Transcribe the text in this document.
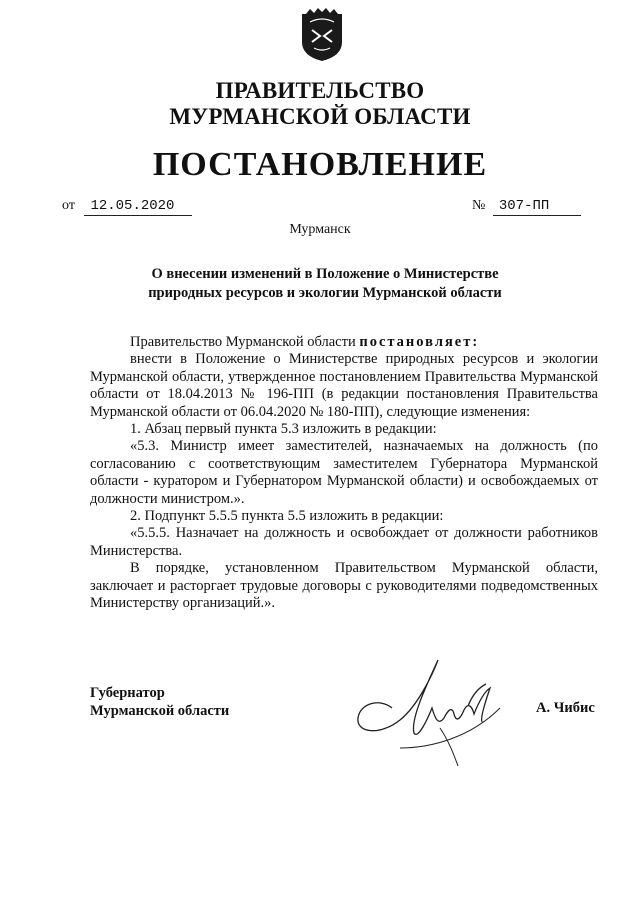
ПРАВИТЕЛЬСТВО
МУРМАНСКОЙ ОБЛАСТИ
ПОСТАНОВЛЕНИЕ
от 12.05.2020	№ 307-ПП
Мурманск
О внесении изменений в Положение о Министерстве
природных ресурсов и экологии Мурманской области

Правительство Мурманской области постановляет:

внести в Положение о Министерстве природных ресурсов и экологии Мурманской области, утвержденное постановлением Правительства Мурманской области от 18.04.2013 № 196-ПП (в редакции постановления Правительства Мурманской области от 06.04.2020 № 180-ПП), следующие изменения:

1. Абзац первый пункта 5.3 изложить в редакции:

«5.3. Министр имеет заместителей, назначаемых на должность (по согласованию с соответствующим заместителем Губернатора Мурманской области - куратором и Губернатором Мурманской области) и освобождаемых от должности министром.».

2. Подпункт 5.5.5 пункта 5.5 изложить в редакции:

«5.5.5. Назначает на должность и освобождает от должности работников Министерства.

В порядке, установленном Правительством Мурманской области, заключает и расторгает трудовые договоры с руководителями подведомственных Министерству организаций.».

Губернатор
Мурманской области	А. Чибис
